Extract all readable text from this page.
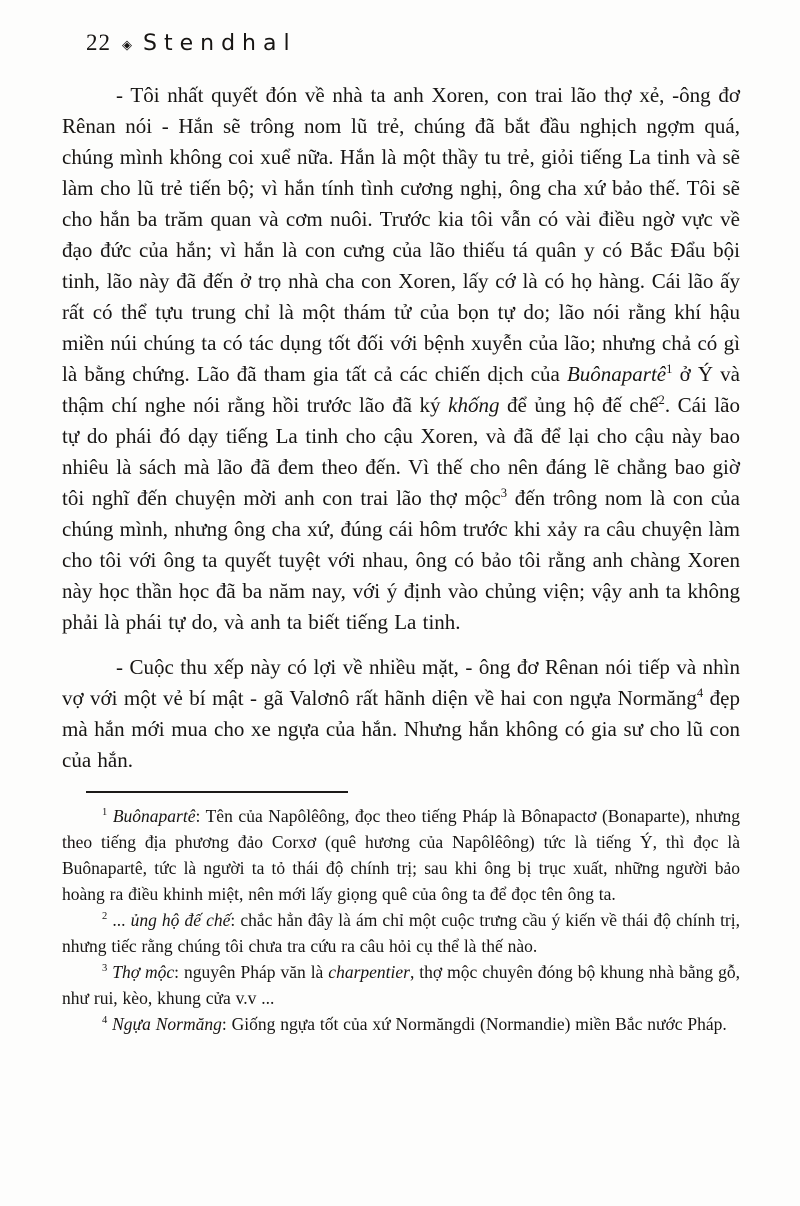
22 ◈ Stendhal

- Tôi nhất quyết đón về nhà ta anh Xoren, con trai lão thợ xẻ, -ông đơ Rênan nói - Hắn sẽ trông nom lũ trẻ, chúng đã bắt đầu nghịch ngợm quá, chúng mình không coi xuể nữa. Hắn là một thầy tu trẻ, giỏi tiếng La tinh và sẽ làm cho lũ trẻ tiến bộ; vì hắn tính tình cương nghị, ông cha xứ bảo thế. Tôi sẽ cho hắn ba trăm quan và cơm nuôi. Trước kia tôi vẫn có vài điều ngờ vực về đạo đức của hắn; vì hắn là con cưng của lão thiếu tá quân y có Bắc Đẩu bội tinh, lão này đã đến ở trọ nhà cha con Xoren, lấy cớ là có họ hàng. Cái lão ấy rất có thể tựu trung chỉ là một thám tử của bọn tự do; lão nói rằng khí hậu miền núi chúng ta có tác dụng tốt đối với bệnh xuyễn của lão; nhưng chả có gì là bằng chứng. Lão đã tham gia tất cả các chiến dịch của Buônapartê$^1$ ở Ý và thậm chí nghe nói rằng hồi trước lão đã ký khống để ủng hộ đế chế$^2$. Cái lão tự do phái đó dạy tiếng La tinh cho cậu Xoren, và đã để lại cho cậu này bao nhiêu là sách mà lão đã đem theo đến. Vì thế cho nên đáng lẽ chẳng bao giờ tôi nghĩ đến chuyện mời anh con trai lão thợ mộc$^3$ đến trông nom là con của chúng mình, nhưng ông cha xứ, đúng cái hôm trước khi xảy ra câu chuyện làm cho tôi với ông ta quyết tuyệt với nhau, ông có bảo tôi rằng anh chàng Xoren này học thần học đã ba năm nay, với ý định vào chủng viện; vậy anh ta không phải là phái tự do, và anh ta biết tiếng La tinh.

- Cuộc thu xếp này có lợi về nhiều mặt, - ông đơ Rênan nói tiếp và nhìn vợ với một vẻ bí mật - gã Valơnô rất hãnh diện về hai con ngựa Normăng$^4$ đẹp mà hắn mới mua cho xe ngựa của hắn. Nhưng hắn không có gia sư cho lũ con của hắn.

$^1$ Buônapartê: Tên của Napôlêông, đọc theo tiếng Pháp là Bônapactơ (Bonaparte), nhưng theo tiếng địa phương đảo Corxơ (quê hương của Napôlêông) tức là tiếng Ý, thì đọc là Buônapartê, tức là người ta tỏ thái độ chính trị; sau khi ông bị trục xuất, những người bảo hoàng ra điều khinh miệt, nên mới lấy giọng quê của ông ta để đọc tên ông ta.

$^2$ ... ủng hộ đế chế: chắc hẳn đây là ám chỉ một cuộc trưng cầu ý kiến về thái độ chính trị, nhưng tiếc rằng chúng tôi chưa tra cứu ra câu hỏi cụ thể là thế nào.

$^3$ Thợ mộc: nguyên Pháp văn là charpentier, thợ mộc chuyên đóng bộ khung nhà bằng gỗ, như rui, kèo, khung cửa v.v ...

$^4$ Ngựa Normăng: Giống ngựa tốt của xứ Normăngdi (Normandie) miền Bắc nước Pháp.
